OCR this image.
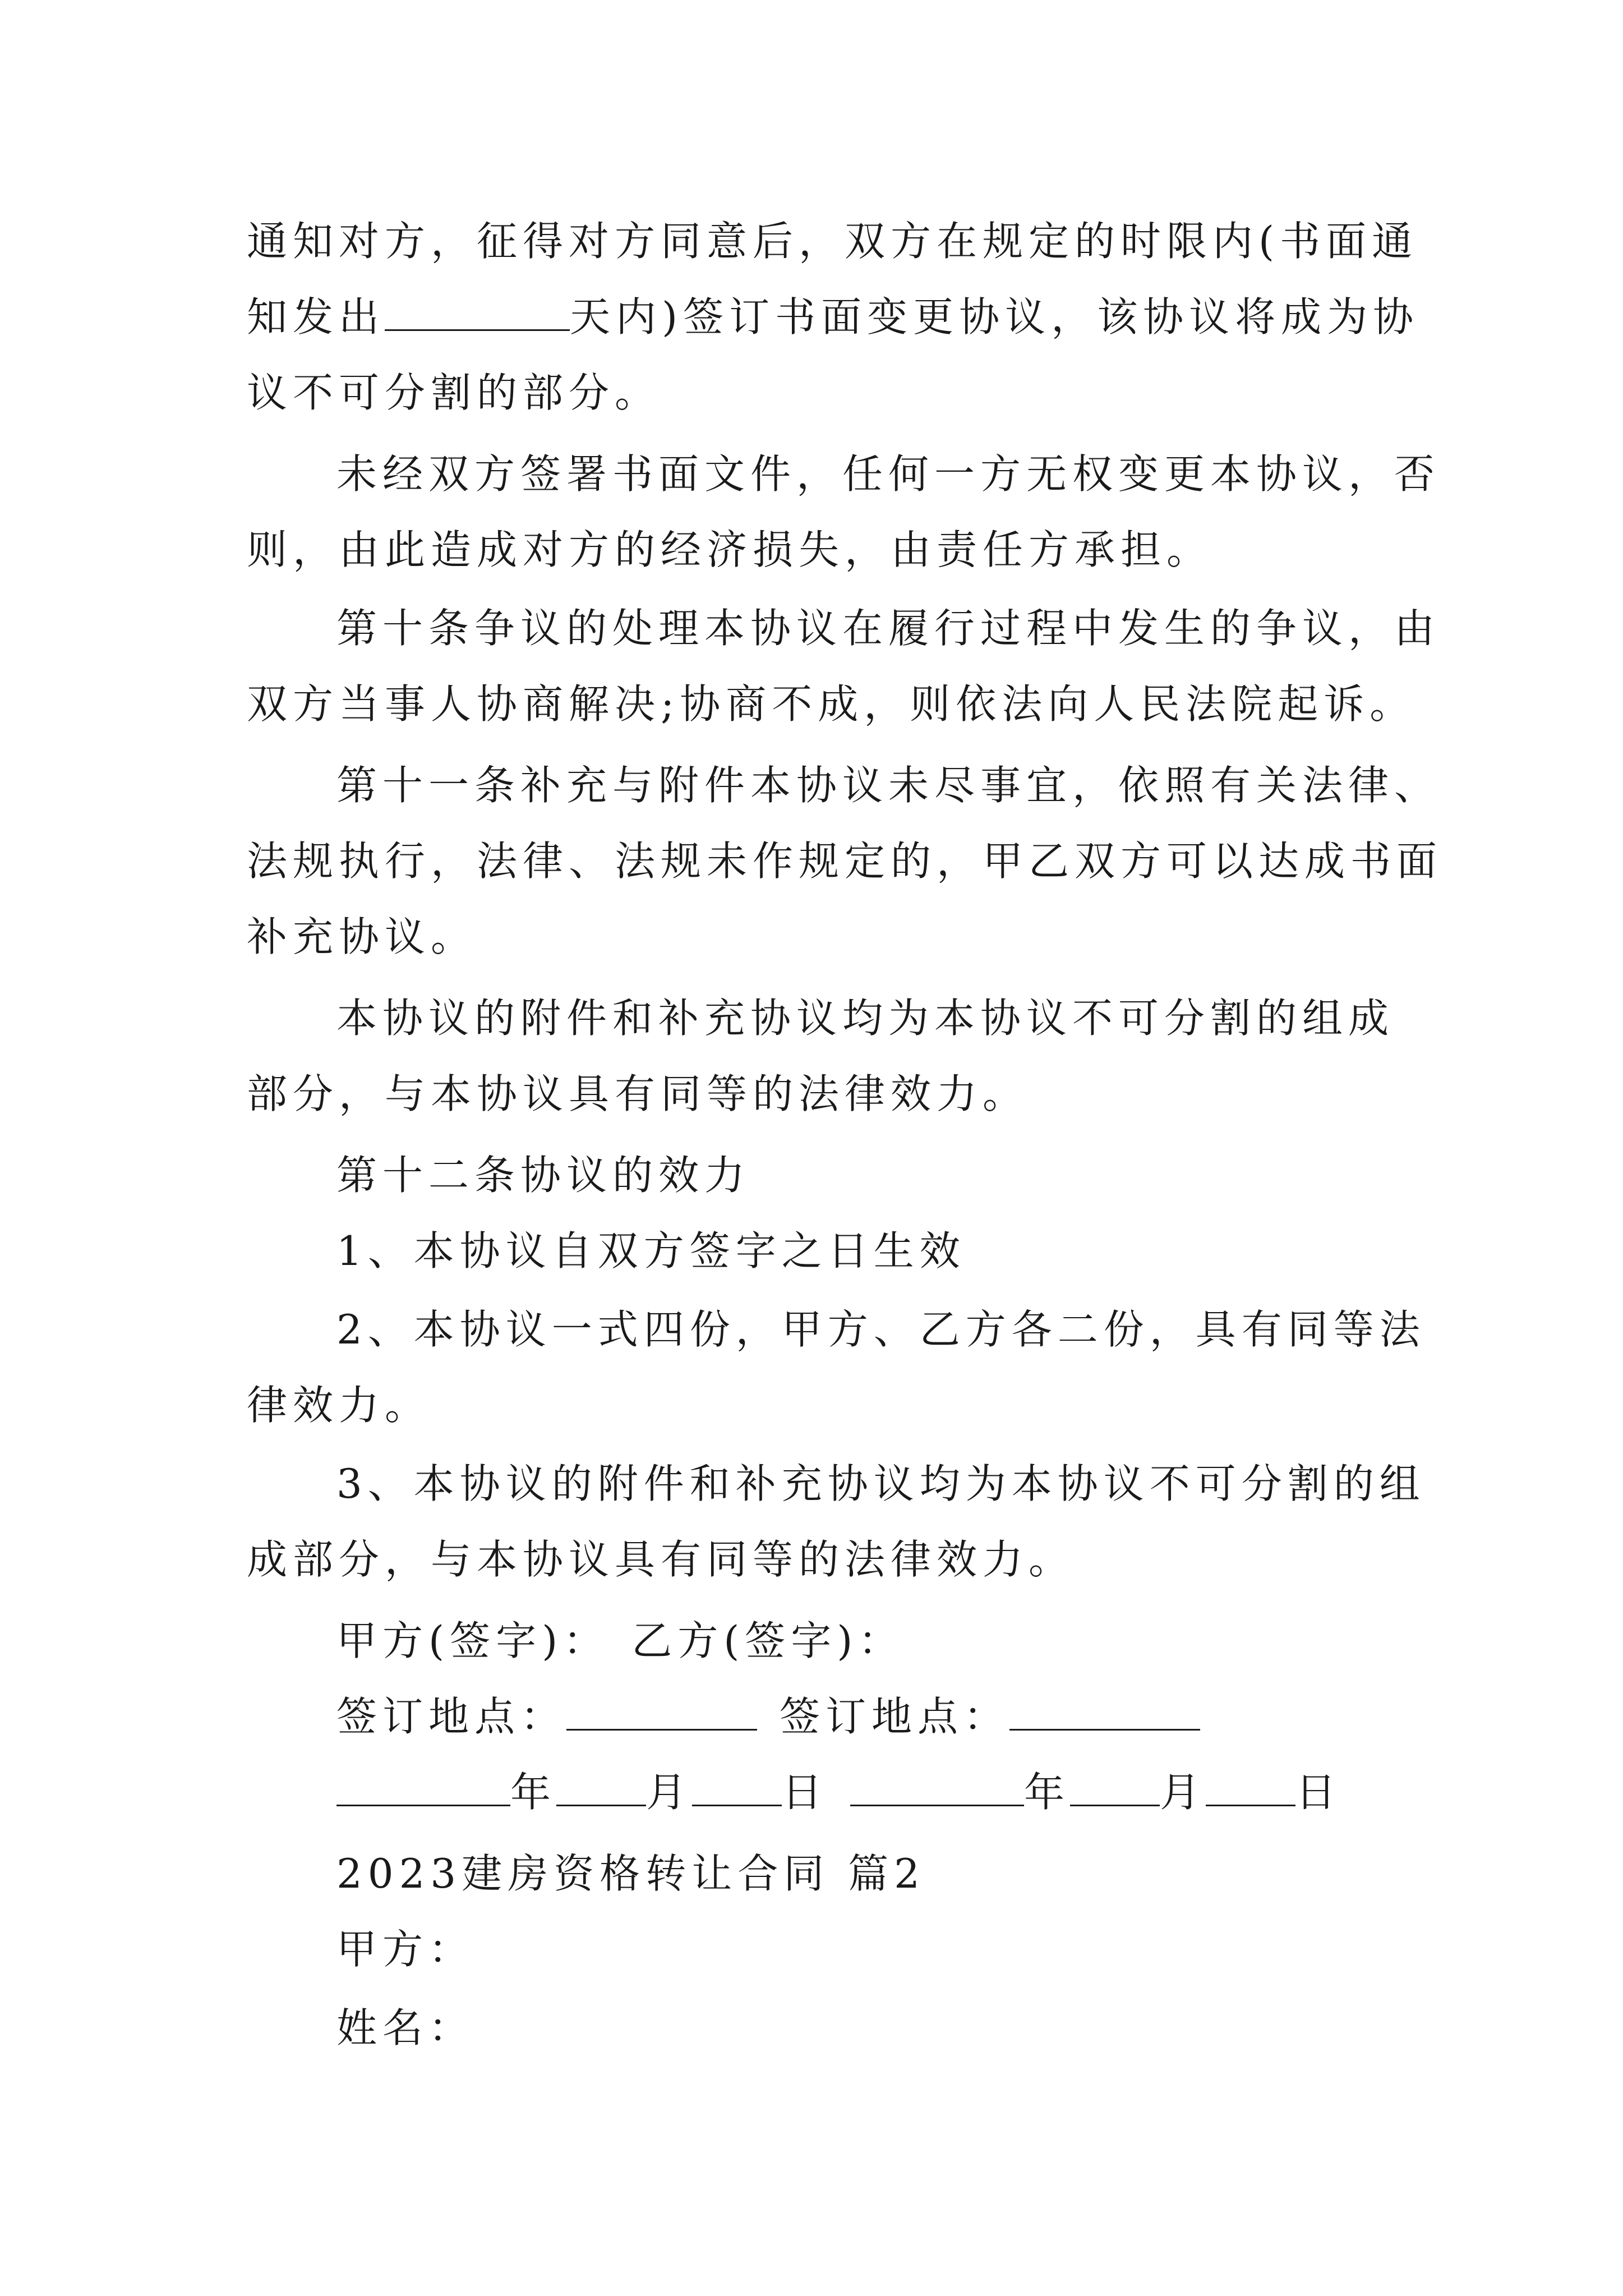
通知对方，征得对方同意后，双方在规定的时限内(书面通
知发出	天内)签订书面变更协议，该协议将成为协
议不可分割的部分。
未经双方签署书面文件，任何一方无权变更本协议，否
则，由此造成对方的经济损失，由责任方承担。
第十条争议的处理本协议在履行过程中发生的争议，由
双方当事人协商解决;协商不成，则依法向人民法院起诉。
第十一条补充与附件本协议未尽事宜，依照有关法律、
法规执行，法律、法规未作规定的，甲乙双方可以达成书面
补充协议。
本协议的附件和补充协议均为本协议不可分割的组成
部分，与本协议具有同等的法律效力。
第十二条协议的效力
1、本协议自双方签字之日生效
2、本协议一式四份，甲方、乙方各二份，具有同等法
律效力。
3、本协议的附件和补充协议均为本协议不可分割的组
成部分，与本协议具有同等的法律效力。
甲方(签字)： 乙方(签字)：
签订地点：	签订地点：
年 月 日	年 月 日
2023建房资格转让合同 篇2
甲方：
姓名：
